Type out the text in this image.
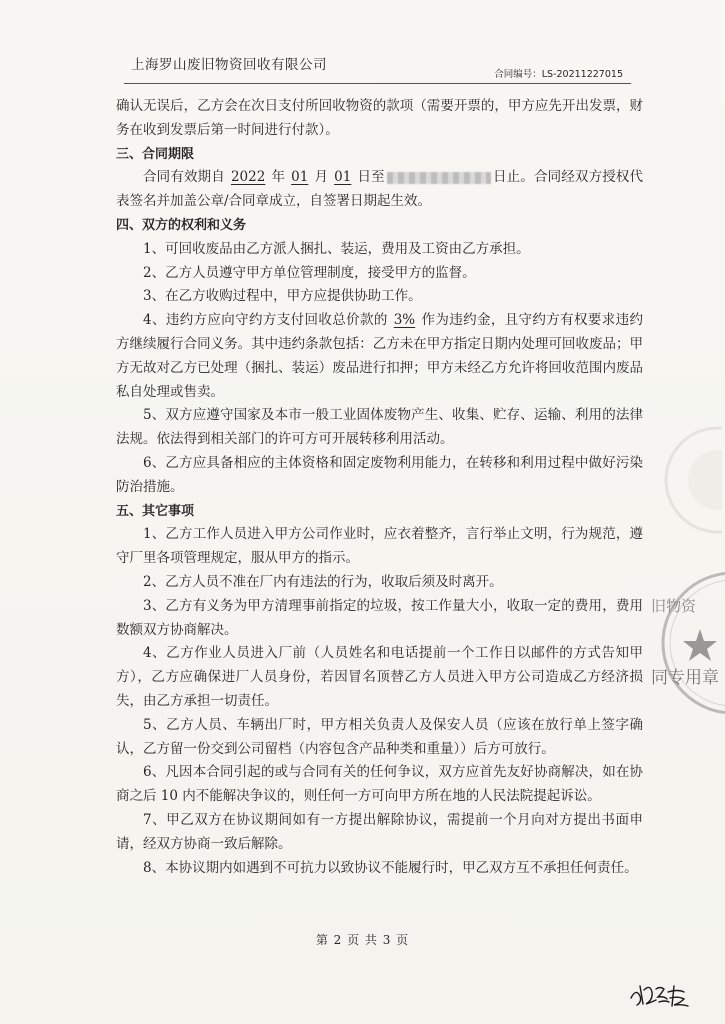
上海罗山废旧物资回收有限公司
合同编号：LS-20211227015

确认无误后，乙方会在次日支付所回收物资的款项（需要开票的，甲方应先开出发票，财务在收到发票后第一时间进行付款）。

三、合同期限

合同有效期自 2022 年 01 月 01 日至	日止。合同经双方授权代表签名并加盖公章/合同章成立，自签署日期起生效。

四、双方的权利和义务

1、可回收废品由乙方派人捆扎、装运，费用及工资由乙方承担。

2、乙方人员遵守甲方单位管理制度，接受甲方的监督。

3、在乙方收购过程中，甲方应提供协助工作。

4、违约方应向守约方支付回收总价款的 3% 作为违约金，且守约方有权要求违约方继续履行合同义务。其中违约条款包括：乙方未在甲方指定日期内处理可回收废品；甲方无故对乙方已处理（捆扎、装运）废品进行扣押；甲方未经乙方允许将回收范围内废品私自处理或售卖。

5、双方应遵守国家及本市一般工业固体废物产生、收集、贮存、运输、利用的法律法规。依法得到相关部门的许可方可开展转移利用活动。

6、乙方应具备相应的主体资格和固定废物利用能力，在转移和利用过程中做好污染防治措施。

五、其它事项

1、乙方工作人员进入甲方公司作业时，应衣着整齐，言行举止文明，行为规范，遵守厂里各项管理规定，服从甲方的指示。

2、乙方人员不准在厂内有违法的行为，收取后须及时离开。

3、乙方有义务为甲方清理事前指定的垃圾，按工作量大小，收取一定的费用，费用数额双方协商解决。

4、乙方作业人员进入厂前（人员姓名和电话提前一个工作日以邮件的方式告知甲方），乙方应确保进厂人员身份，若因冒名顶替乙方人员进入甲方公司造成乙方经济损失，由乙方承担一切责任。

5、乙方人员、车辆出厂时，甲方相关负责人及保安人员（应该在放行单上签字确认，乙方留一份交到公司留档（内容包含产品种类和重量））后方可放行。

6、凡因本合同引起的或与合同有关的任何争议，双方应首先友好协商解决，如在协商之后 10 内不能解决争议的，则任何一方可向甲方所在地的人民法院提起诉讼。

7、甲乙双方在协议期间如有一方提出解除协议，需提前一个月向对方提出书面申请，经双方协商一致后解除。

8、本协议期内如遇到不可抗力以致协议不能履行时，甲乙双方互不承担任何责任。

第 2 页 共 3 页
旧物资
同专用章
